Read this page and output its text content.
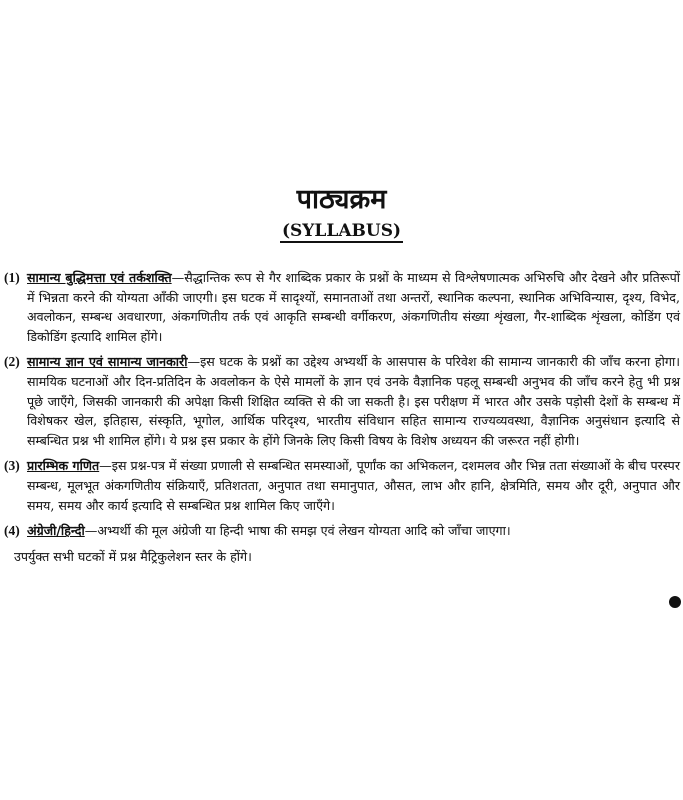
पाठ्यक्रम
(SYLLABUS)
(1) सामान्य बुद्धिमत्ता एवं तर्कशक्ति—सैद्धान्तिक रूप से गैर शाब्दिक प्रकार के प्रश्नों के माध्यम से विश्लेषणात्मक अभिरुचि और देखने और प्रतिरूपों में भिन्नता करने की योग्यता आँकी जाएगी। इस घटक में सादृश्यों, समानताओं तथा अन्तरों, स्थानिक कल्पना, स्थानिक अभिविन्यास, दृश्य, विभेद, अवलोकन, सम्बन्ध अवधारणा, अंकगणितीय तर्क एवं आकृति सम्बन्धी वर्गीकरण, अंकगणितीय संख्या शृंखला, गैर-शाब्दिक शृंखला, कोडिंग एवं डिकोडिंग इत्यादि शामिल होंगे।
(2) सामान्य ज्ञान एवं सामान्य जानकारी—इस घटक के प्रश्नों का उद्देश्य अभ्यर्थी के आसपास के परिवेश की सामान्य जानकारी की जाँच करना होगा। सामयिक घटनाओं और दिन-प्रतिदिन के अवलोकन के ऐसे मामलों के ज्ञान एवं उनके वैज्ञानिक पहलू सम्बन्धी अनुभव की जाँच करने हेतु भी प्रश्न पूछे जाएँगे, जिसकी जानकारी की अपेक्षा किसी शिक्षित व्यक्ति से की जा सकती है। इस परीक्षण में भारत और उसके पड़ोसी देशों के सम्बन्ध में विशेषकर खेल, इतिहास, संस्कृति, भूगोल, आर्थिक परिदृश्य, भारतीय संविधान सहित सामान्य राज्यव्यवस्था, वैज्ञानिक अनुसंधान इत्यादि से सम्बन्धित प्रश्न भी शामिल होंगे। ये प्रश्न इस प्रकार के होंगे जिनके लिए किसी विषय के विशेष अध्ययन की जरूरत नहीं होगी।
(3) प्रारम्भिक गणित—इस प्रश्न-पत्र में संख्या प्रणाली से सम्बन्धित समस्याओं, पूर्णांक का अभिकलन, दशमलव और भिन्न तता संख्याओं के बीच परस्पर सम्बन्ध, मूलभूत अंकगणितीय संक्रियाएँ, प्रतिशतता, अनुपात तथा समानुपात, औसत, लाभ और हानि, क्षेत्रमिति, समय और दूरी, अनुपात और समय, समय और कार्य इत्यादि से सम्बन्धित प्रश्न शामिल किए जाएँगे।
(4) अंग्रेजी/हिन्दी—अभ्यर्थी की मूल अंग्रेजी या हिन्दी भाषा की समझ एवं लेखन योग्यता आदि को जाँचा जाएगा।
उपर्युक्त सभी घटकों में प्रश्न मैट्रिकुलेशन स्तर के होंगे।
